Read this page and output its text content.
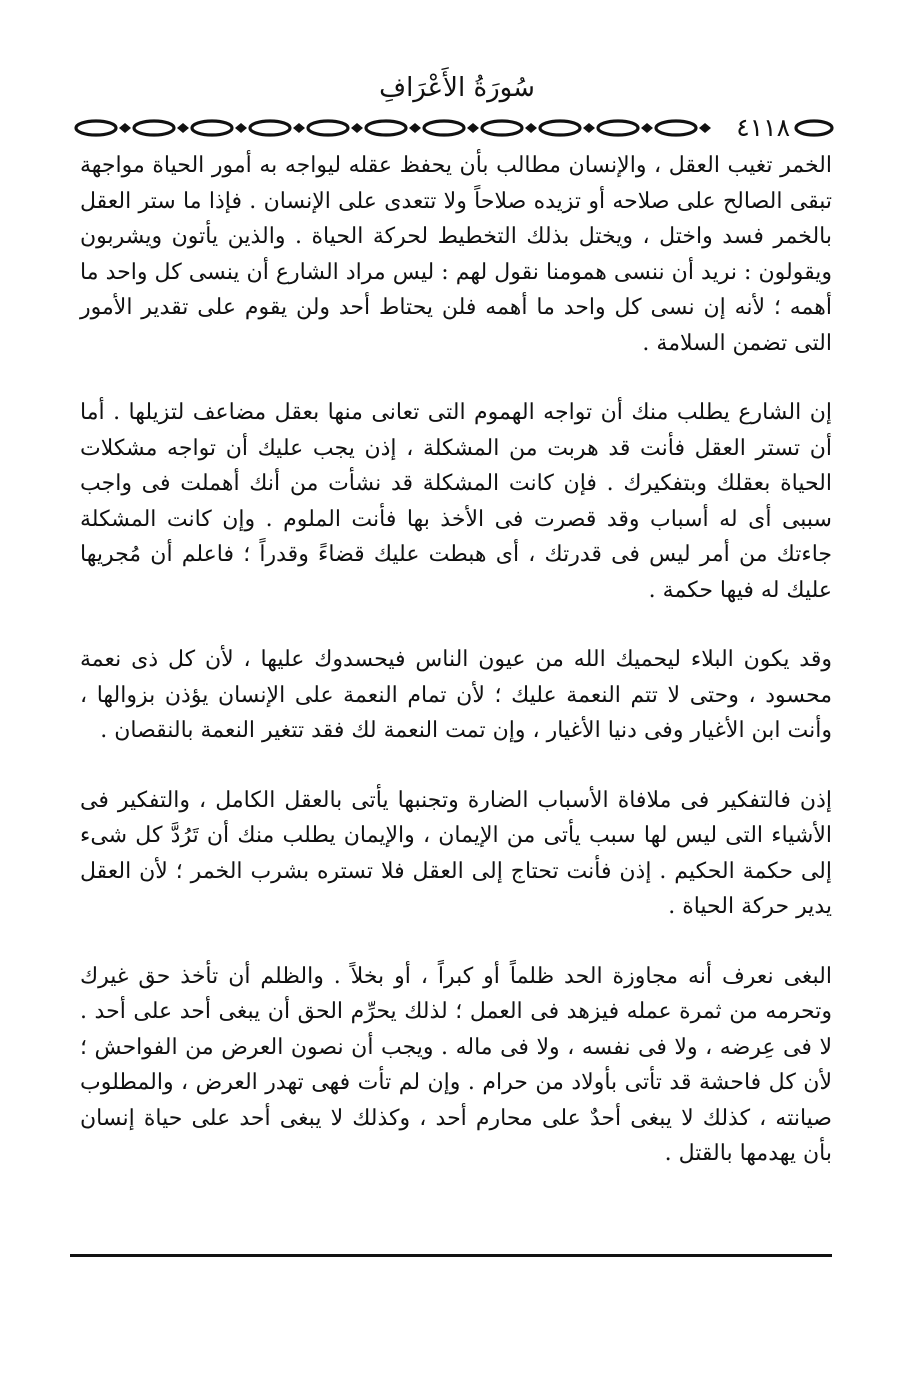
سُورَةُ الأَعْرَافِ
٤١١٨

الخمر تغيب العقل ، والإنسان مطالب بأن يحفظ عقله ليواجه به أمور الحياة مواجهة تبقى الصالح على صلاحه أو تزيده صلاحاً ولا تتعدى على الإنسان . فإذا ما ستر العقل بالخمر فسد واختل ، ويختل بذلك التخطيط لحركة الحياة . والذين يأتون ويشربون ويقولون : نريد أن ننسى همومنا نقول لهم : ليس مراد الشارع أن ينسى كل واحد ما أهمه ؛ لأنه إن نسى كل واحد ما أهمه فلن يحتاط أحد ولن يقوم على تقدير الأمور التى تضمن السلامة .

إن الشارع يطلب منك أن تواجه الهموم التى تعانى منها بعقل مضاعف لتزيلها . أما أن تستر العقل فأنت قد هربت من المشكلة ، إذن يجب عليك أن تواجه مشكلات الحياة بعقلك وبتفكيرك . فإن كانت المشكلة قد نشأت من أنك أهملت فى واجب سببى أى له أسباب وقد قصرت فى الأخذ بها فأنت الملوم . وإن كانت المشكلة جاءتك من أمر ليس فى قدرتك ، أى هبطت عليك قضاءً وقدراً ؛ فاعلم أن مُجريها عليك له فيها حكمة .

وقد يكون البلاء ليحميك الله من عيون الناس فيحسدوك عليها ، لأن كل ذى نعمة محسود ، وحتى لا تتم النعمة عليك ؛ لأن تمام النعمة على الإنسان يؤذن بزوالها ، وأنت ابن الأغيار وفى دنيا الأغيار ، وإن تمت النعمة لك فقد تتغير النعمة بالنقصان .

إذن فالتفكير فى ملافاة الأسباب الضارة وتجنبها يأتى بالعقل الكامل ، والتفكير فى الأشياء التى ليس لها سبب يأتى من الإيمان ، والإيمان يطلب منك أن تَرُدَّ كل شىء إلى حكمة الحكيم . إذن فأنت تحتاج إلى العقل فلا تستره بشرب الخمر ؛ لأن العقل يدير حركة الحياة .

البغى نعرف أنه مجاوزة الحد ظلماً أو كبراً ، أو بخلاً . والظلم أن تأخذ حق غيرك وتحرمه من ثمرة عمله فيزهد فى العمل ؛ لذلك يحرِّم الحق أن يبغى أحد على أحد . لا فى عِرضه ، ولا فى نفسه ، ولا فى ماله . ويجب أن نصون العرض من الفواحش ؛ لأن كل فاحشة قد تأتى بأولاد من حرام . وإن لم تأت فهى تهدر العرض ، والمطلوب صيانته ، كذلك لا يبغى أحدٌ على محارم أحد ، وكذلك لا يبغى أحد على حياة إنسان بأن يهدمها بالقتل .
